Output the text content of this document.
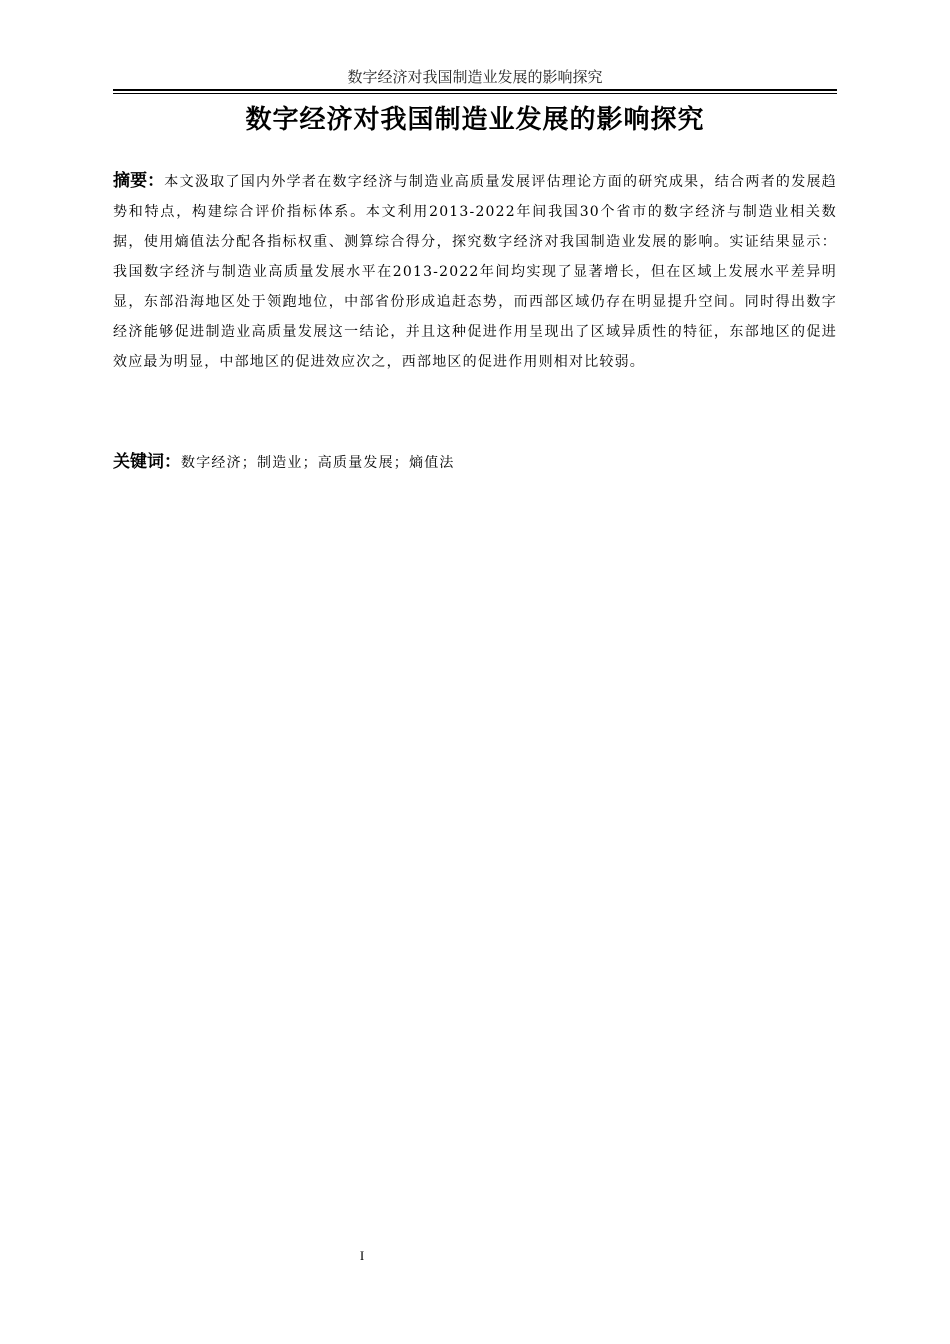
数字经济对我国制造业发展的影响探究
数字经济对我国制造业发展的影响探究
摘要：本文汲取了国内外学者在数字经济与制造业高质量发展评估理论方面的研究成果，结合两者的发展趋势和特点，构建综合评价指标体系。本文利用2013-2022年间我国30个省市的数字经济与制造业相关数据，使用熵值法分配各指标权重、测算综合得分，探究数字经济对我国制造业发展的影响。实证结果显示：我国数字经济与制造业高质量发展水平在2013-2022年间均实现了显著增长，但在区域上发展水平差异明显，东部沿海地区处于领跑地位，中部省份形成追赶态势，而西部区域仍存在明显提升空间。同时得出数字经济能够促进制造业高质量发展这一结论，并且这种促进作用呈现出了区域异质性的特征，东部地区的促进效应最为明显，中部地区的促进效应次之，西部地区的促进作用则相对比较弱。
关键词：数字经济；制造业；高质量发展；熵值法
I
